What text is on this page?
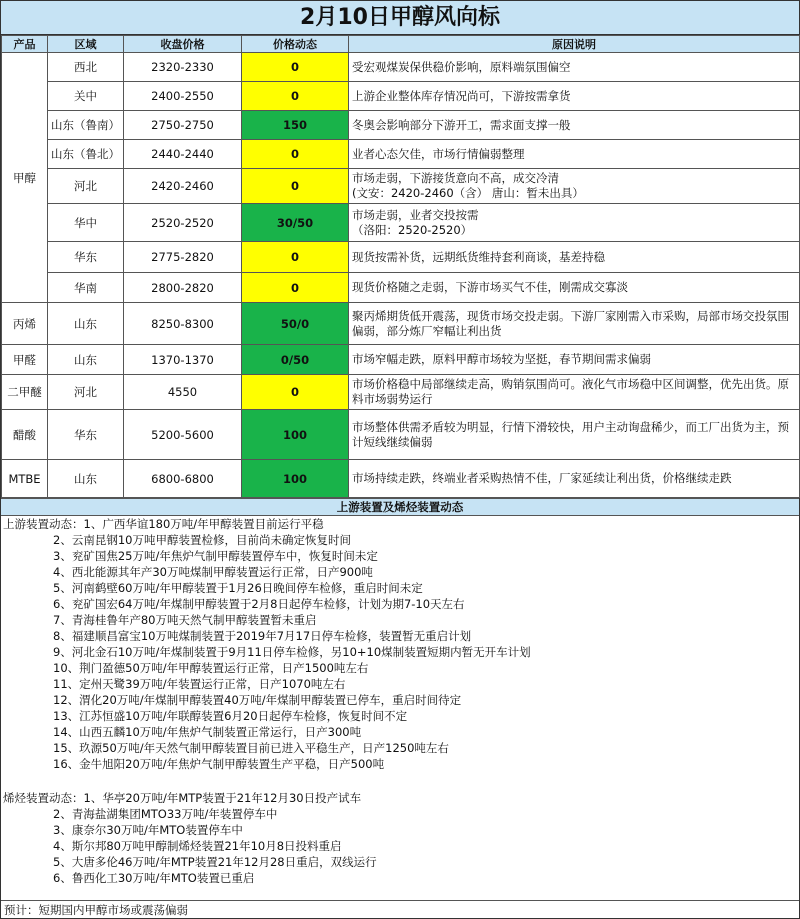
2月10日甲醇风向标
产品	区域	收盘价格	价格动态	原因说明
甲醇	西北	2320-2330	0	受宏观煤炭保供稳价影响，原料端氛围偏空
	关中	2400-2550	0	上游企业整体库存情况尚可，下游按需拿货
	山东（鲁南）	2750-2750	150	冬奥会影响部分下游开工，需求面支撑一般
	山东（鲁北）	2440-2440	0	业者心态欠佳，市场行情偏弱整理
	河北	2420-2460	0	市场走弱，下游接货意向不高，成交冷清
(文安：2420-2460（含） 唐山：暂未出具）
	华中	2520-2520	30/50	市场走弱，业者交投按需
（洛阳：2520-2520）
	华东	2775-2820	0	现货按需补货，远期纸货维持套利商谈，基差持稳
	华南	2800-2820	0	现货价格随之走弱，下游市场买气不佳，刚需成交寡淡
丙烯	山东	8250-8300	50/0	聚丙烯期货低开震荡，现货市场交投走弱。下游厂家刚需入市采购，局部市场交投氛围偏弱，部分炼厂窄幅让利出货
甲醛	山东	1370-1370	0/50	市场窄幅走跌，原料甲醇市场较为坚挺，春节期间需求偏弱
二甲醚	河北	4550	0	市场价格稳中局部继续走高，购销氛围尚可。液化气市场稳中区间调整，优先出货。原料市场弱势运行
醋酸	华东	5200-5600	100	市场整体供需矛盾较为明显，行情下滑较快，用户主动询盘稀少，而工厂出货为主，预计短线继续偏弱
MTBE	山东	6800-6800	100	市场持续走跌，终端业者采购热情不佳，厂家延续让利出货，价格继续走跌
上游装置及烯烃装置动态
上游装置动态：1、广西华谊180万吨/年甲醇装置目前运行平稳
2、云南昆钢10万吨甲醇装置检修，目前尚未确定恢复时间
3、兖矿国焦25万吨/年焦炉气制甲醇装置停车中，恢复时间未定
4、西北能源其年产30万吨煤制甲醇装置运行正常，日产900吨
5、河南鹤壁60万吨/年甲醇装置于1月26日晚间停车检修，重启时间未定
6、兖矿国宏64万吨/年煤制甲醇装置于2月8日起停车检修，计划为期7-10天左右
7、青海桂鲁年产80万吨天然气制甲醇装置暂未重启
8、福建顺昌富宝10万吨煤制装置于2019年7月17日停车检修，装置暂无重启计划
9、河北金石10万吨/年煤制装置于9月11日停车检修，另10+10煤制装置短期内暂无开车计划
10、荆门盈德50万吨/年甲醇装置运行正常，日产1500吨左右
11、定州天鹭39万吨/年装置运行正常，日产1070吨左右
12、渭化20万吨/年煤制甲醇装置40万吨/年煤制甲醇装置已停车，重启时间待定
13、江苏恒盛10万吨/年联醇装置6月20日起停车检修，恢复时间不定
14、山西五麟10万吨/年焦炉气制装置正常运行，日产300吨
15、玖源50万吨/年天然气制甲醇装置目前已进入平稳生产，日产1250吨左右
16、金牛旭阳20万吨/年焦炉气制甲醇装置生产平稳，日产500吨
烯烃装置动态：1、华亭20万吨/年MTP装置于21年12月30日投产试车
2、青海盐湖集团MTO33万吨/年装置停车中
3、康奈尔30万吨/年MTO装置停车中
4、斯尔邦80万吨甲醇制烯烃装置21年10月8日投料重启
5、大唐多伦46万吨/年MTP装置21年12月28日重启，双线运行
6、鲁西化工30万吨/年MTO装置已重启
预计：短期国内甲醇市场或震荡偏弱
